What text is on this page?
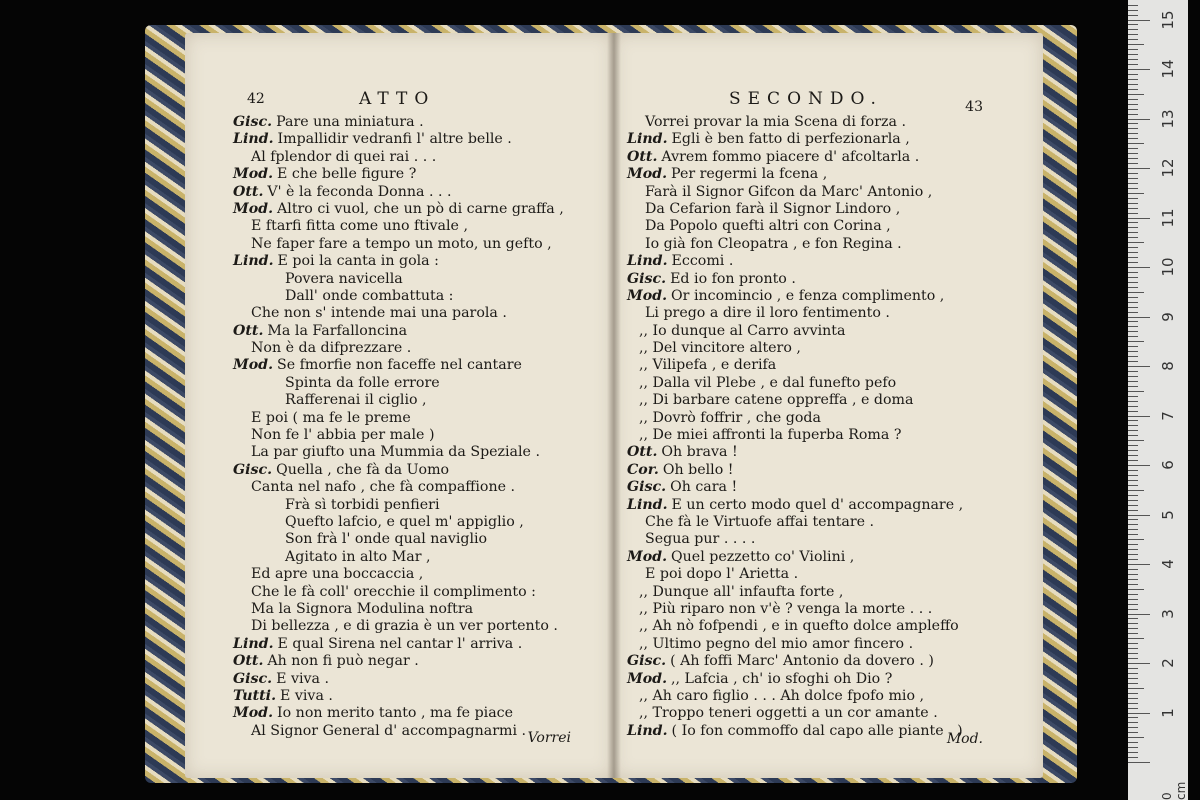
42	ATTO
Gisc. Pare una miniatura .
Lind. Impallidir vedranfi l' altre belle .
Al fplendor di quei rai . . .
Mod. E che belle figure ?
Ott. V' è la feconda Donna . . .
Mod. Altro ci vuol, che un pò di carne graffa ,
E ftarfi fitta come uno ftivale ,
Ne faper fare a tempo un moto, un gefto ,
Lind. E poi la canta in gola :
Povera navicella
Dall' onde combattuta :
Che non s' intende mai una parola .
Ott. Ma la Farfalloncina
Non è da difprezzare .
Mod. Se fmorfie non faceffe nel cantare
Spinta da folle errore
Rafferenai il ciglio ,
E poi ( ma fe le preme
Non fe l' abbia per male )
La par giufto una Mummia da Speziale .
Gisc. Quella , che fà da Uomo
Canta nel nafo , che fà compaffione .
Frà sì torbidi penfieri
Quefto lafcio, e quel m' appiglio ,
Son frà l' onde qual naviglio
Agitato in alto Mar ,
Ed apre una boccaccia ,
Che le fà coll' orecchie il complimento :
Ma la Signora Modulina noftra
Di bellezza , e di grazia è un ver portento .
Lind. E qual Sirena nel cantar l' arriva .
Ott. Ah non fi può negar .
Gisc. E viva .
Tutti. E viva .
Mod. Io non merito tanto , ma fe piace
Al Signor General d' accompagnarmi . Vorrei
SECONDO.	43
Vorrei provar la mia Scena di forza .
Lind. Egli è ben fatto di perfezionarla ,
Ott. Avrem fommo piacere d' afcoltarla .
Mod. Per regermi la fcena ,
Farà il Signor Gifcon da Marc' Antonio ,
Da Cefarion farà il Signor Lindoro ,
Da Popolo quefti altri con Corina ,
Io già fon Cleopatra , e fon Regina .
Lind. Eccomi .
Gisc. Ed io fon pronto .
Mod. Or incomincio , e fenza complimento ,
Li prego a dire il loro fentimento .
,, Io dunque al Carro avvinta
,, Del vincitore altero ,
,, Vilipefa , e derifa
,, Dalla vil Plebe , e dal funefto pefo
,, Di barbare catene oppreffa , e doma
,, Dovrò foffrir , che goda
,, De miei affronti la fuperba Roma ?
Ott. Oh brava !
Cor. Oh bello !
Gisc. Oh cara !
Lind. E un certo modo quel d' accompagnare ,
Che fà le Virtuofe affai tentare .
Segua pur . . . .
Mod. Quel pezzetto co' Violini ,
E poi dopo l' Arietta .
,, Dunque all' infaufta forte ,
,, Più riparo non v'è ? venga la morte . . .
,, Ah nò fofpendi , e in quefto dolce ampleffo
,, Ultimo pegno del mio amor fincero .
Gisc. ( Ah foffi Marc' Antonio da dovero . )
Mod. ,, Lafcia , ch' io sfoghi oh Dio ?
,, Ah caro figlio . . . Ah dolce fpofo mio ,
,, Troppo teneri oggetti a un cor amante .
Lind. ( Io fon commoffo dal capo alle piante . )
Mod.
0 cm
1
2
3
4
5
6
7
8
9
10
11
12
13
14
15
